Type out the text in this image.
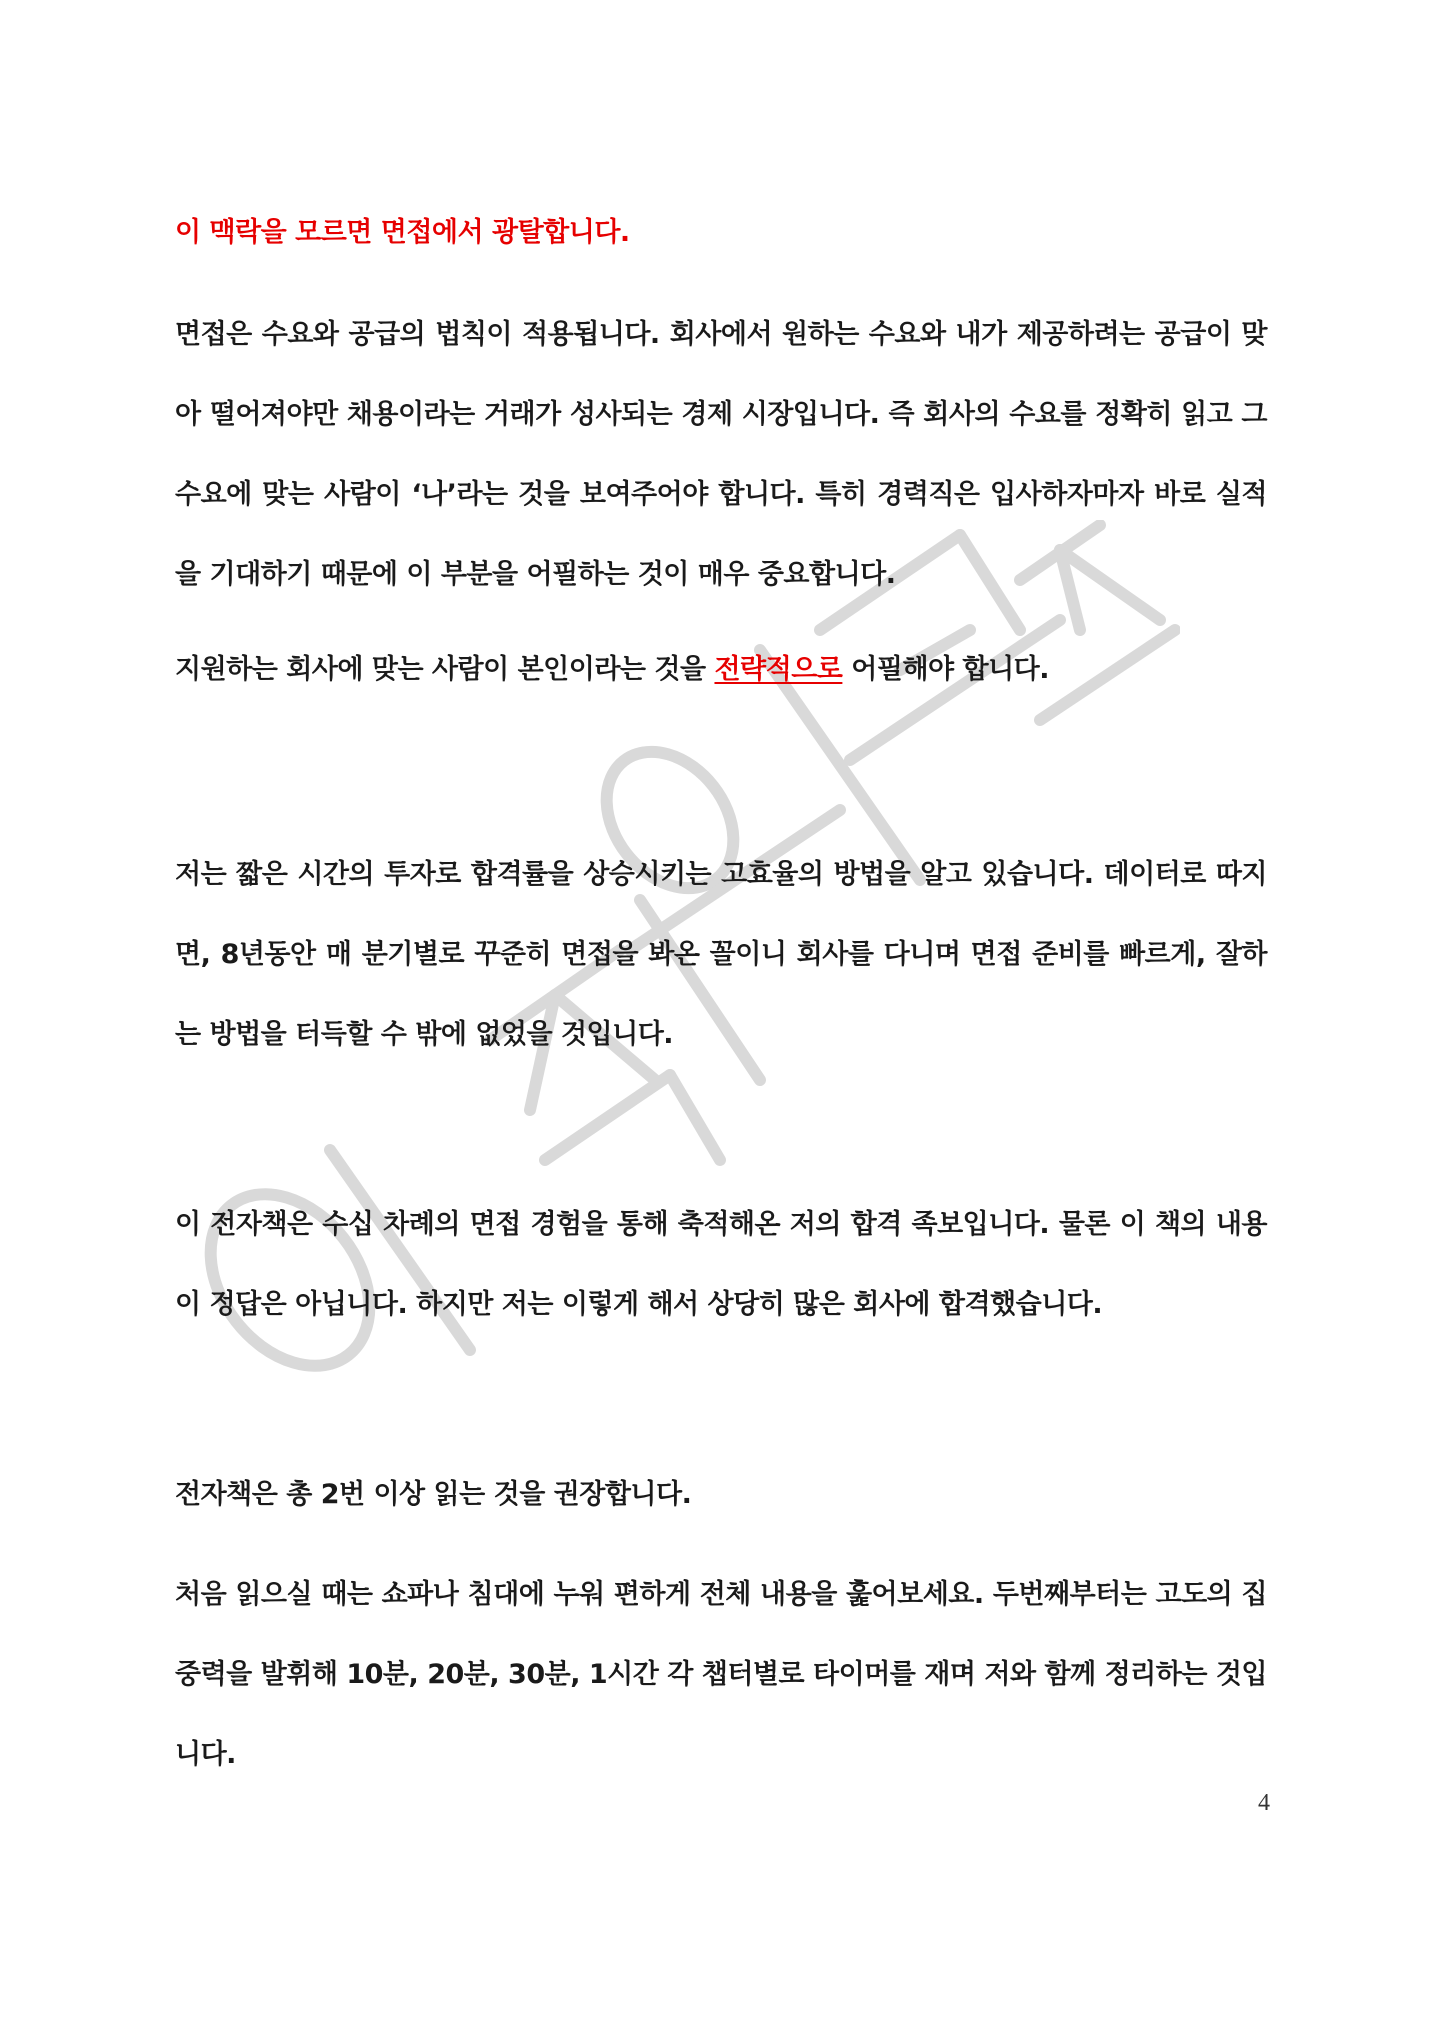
이 맥락을 모르면 면접에서 광탈합니다.

면접은 수요와 공급의 법칙이 적용됩니다. 회사에서 원하는 수요와 내가 제공하려는 공급이 맞아 떨어져야만 채용이라는 거래가 성사되는 경제 시장입니다. 즉 회사의 수요를 정확히 읽고 그 수요에 맞는 사람이 ‘나’라는 것을 보여주어야 합니다. 특히 경력직은 입사하자마자 바로 실적을 기대하기 때문에 이 부분을 어필하는 것이 매우 중요합니다.

지원하는 회사에 맞는 사람이 본인이라는 것을 전략적으로 어필해야 합니다.

저는 짧은 시간의 투자로 합격률을 상승시키는 고효율의 방법을 알고 있습니다. 데이터로 따지면, 8년동안 매 분기별로 꾸준히 면접을 봐온 꼴이니 회사를 다니며 면접 준비를 빠르게, 잘하는 방법을 터득할 수 밖에 없었을 것입니다.

이 전자책은 수십 차례의 면접 경험을 통해 축적해온 저의 합격 족보입니다. 물론 이 책의 내용이 정답은 아닙니다. 하지만 저는 이렇게 해서 상당히 많은 회사에 합격했습니다.

전자책은 총 2번 이상 읽는 것을 권장합니다.

처음 읽으실 때는 쇼파나 침대에 누워 편하게 전체 내용을 훑어보세요. 두번째부터는 고도의 집중력을 발휘해 10분, 20분, 30분, 1시간 각 챕터별로 타이머를 재며 저와 함께 정리하는 것입니다.

4
